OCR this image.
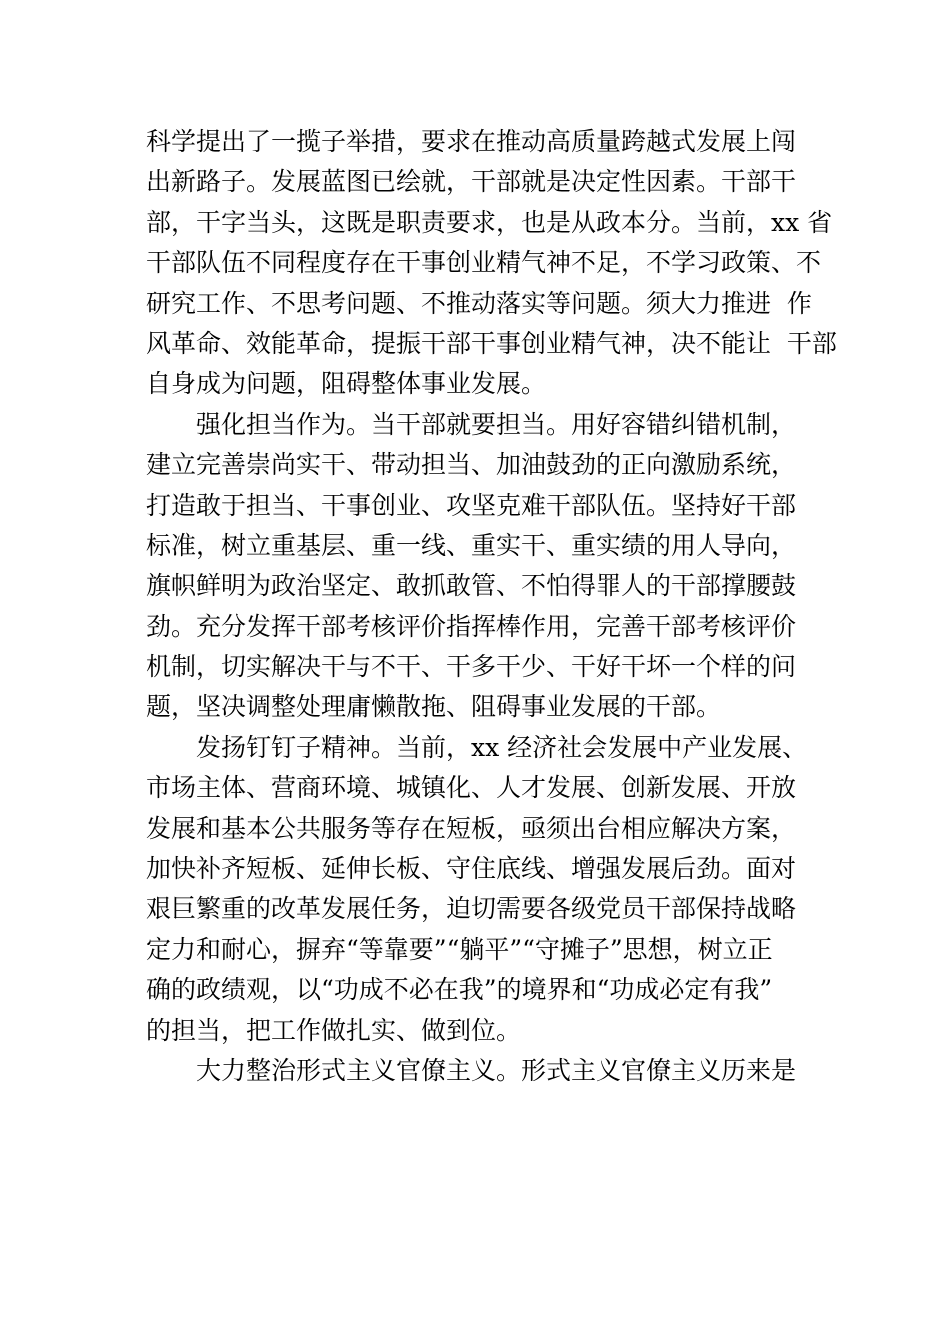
科学提出了一揽子举措，要求在推动高质量跨越式发展上闯
出新路子。发展蓝图已绘就，干部就是决定性因素。干部干
部，干字当头，这既是职责要求，也是从政本分。当前，xx 省
干部队伍不同程度存在干事创业精气神不足，不学习政策、不
研究工作、不思考问题、不推动落实等问题。须大力推进  作
风革命、效能革命，提振干部干事创业精气神，决不能让  干部
自身成为问题，阻碍整体事业发展。
强化担当作为。当干部就要担当。用好容错纠错机制，
建立完善崇尚实干、带动担当、加油鼓劲的正向激励系统，
打造敢于担当、干事创业、攻坚克难干部队伍。坚持好干部
标准，树立重基层、重一线、重实干、重实绩的用人导向，
旗帜鲜明为政治坚定、敢抓敢管、不怕得罪人的干部撑腰鼓
劲。充分发挥干部考核评价指挥棒作用，完善干部考核评价
机制，切实解决干与不干、干多干少、干好干坏一个样的问
题，坚决调整处理庸懒散拖、阻碍事业发展的干部。
发扬钉钉子精神。当前，xx 经济社会发展中产业发展、
市场主体、营商环境、城镇化、人才发展、创新发展、开放
发展和基本公共服务等存在短板，亟须出台相应解决方案，
加快补齐短板、延伸长板、守住底线、增强发展后劲。面对
艰巨繁重的改革发展任务，迫切需要各级党员干部保持战略
定力和耐心，摒弃“等靠要”“躺平”“守摊子”思想，树立正
确的政绩观，以“功成不必在我”的境界和“功成必定有我”
的担当，把工作做扎实、做到位。
大力整治形式主义官僚主义。形式主义官僚主义历来是
